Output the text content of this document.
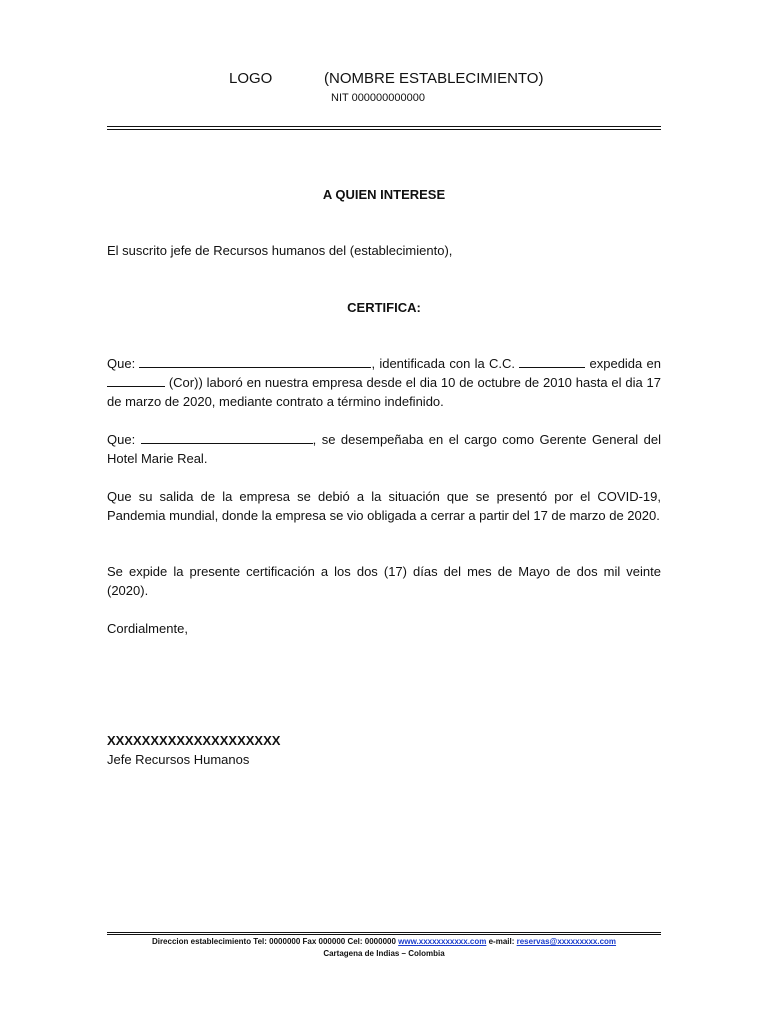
LOGO	(NOMBRE ESTABLECIMIENTO)
NIT 000000000000
A QUIEN INTERESE
El suscrito jefe de Recursos humanos del (establecimiento),
CERTIFICA:
Que:	, identificada con la C.C.	expedida en  (Cor)) laboró en nuestra empresa desde el dia 10 de octubre de 2010 hasta el dia 17 de marzo de 2020, mediante contrato a término indefinido.
Que:	, se desempeñaba en el cargo como Gerente General del Hotel Marie Real.
Que su salida de la empresa se debió a la situación que se presentó por el COVID-19, Pandemia mundial, donde la empresa se vio obligada a cerrar a partir del 17 de marzo de 2020.
Se expide la presente certificación a los dos (17) días del mes de Mayo de dos mil veinte (2020).
Cordialmente,
XXXXXXXXXXXXXXXXXXXX
Jefe Recursos Humanos
Direccion establecimiento Tel: 0000000 Fax 000000 Cel: 0000000 www.xxxxxxxxxxx.com e-mail: reservas@xxxxxxxxx.com
Cartagena de Indias – Colombia
